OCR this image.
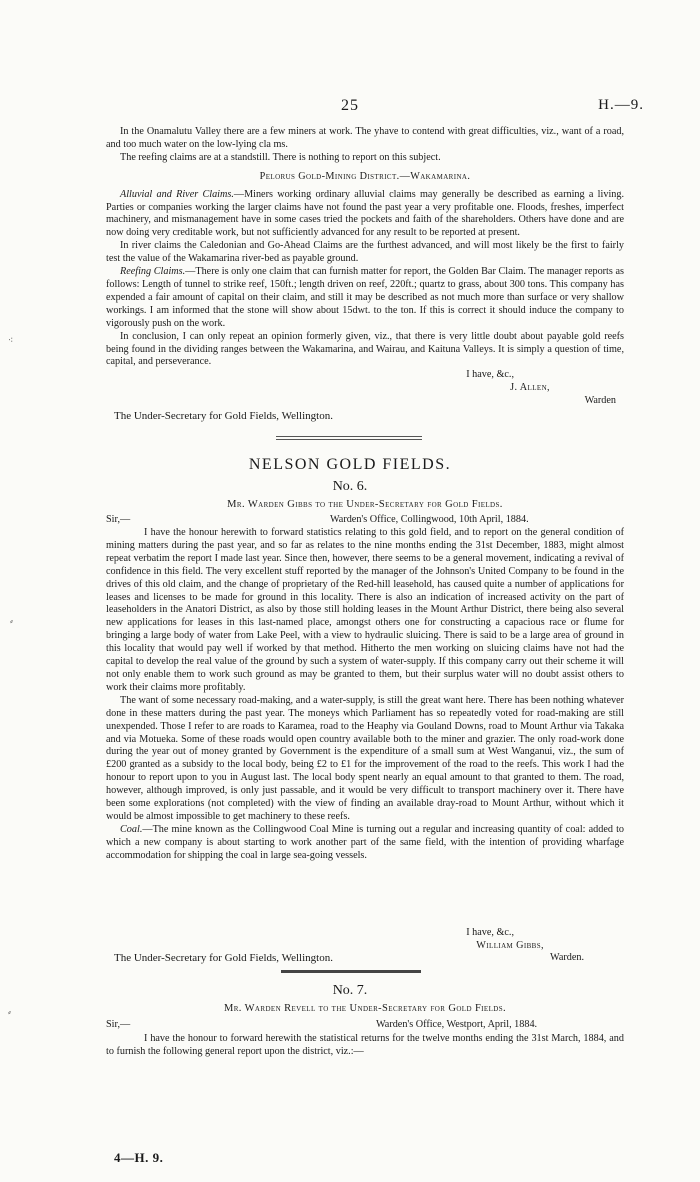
25	H.—9.

In the Onamalutu Valley there are a few miners at work. The yhave to contend with great difficulties, viz., want of a road, and too much water on the low-lying cla ms.

The reefing claims are at a standstill. There is nothing to report on this subject.

Pelorus Gold-Mining District.—Wakamarina.

Alluvial and River Claims.—Miners working ordinary alluvial claims may generally be described as earning a living. Parties or companies working the larger claims have not found the past year a very profitable one. Floods, freshes, imperfect machinery, and mismanagement have in some cases tried the pockets and faith of the shareholders. Others have done and are now doing very creditable work, but not sufficiently advanced for any result to be reported at present.

In river claims the Caledonian and Go-Ahead Claims are the furthest advanced, and will most likely be the first to fairly test the value of the Wakamarina river-bed as payable ground.

Reefing Claims.—There is only one claim that can furnish matter for report, the Golden Bar Claim. The manager reports as follows: Length of tunnel to strike reef, 150ft.; length driven on reef, 220ft.; quartz to grass, about 300 tons. This company has expended a fair amount of capital on their claim, and still it may be described as not much more than surface or very shallow workings. I am informed that the stone will show about 15dwt. to the ton. If this is correct it should induce the company to vigorously push on the work.

In conclusion, I can only repeat an opinion formerly given, viz., that there is very little doubt about payable gold reefs being found in the dividing ranges between the Wakamarina, and Wairau, and Kaituna Valleys. It is simply a question of time, capital, and perseverance.

I have, &c.,

J. Allen,

Warden

The Under-Secretary for Gold Fields, Wellington.
NELSON GOLD FIELDS.
No. 6.
Mr. Warden Gibbs to the Under-Secretary for Gold Fields.
Sir,—	Warden's Office, Collingwood, 10th April, 1884.

I have the honour herewith to forward statistics relating to this gold field, and to report on the general condition of mining matters during the past year, and so far as relates to the nine months ending the 31st December, 1883, might almost repeat verbatim the report I made last year. Since then, however, there seems to be a general movement, indicating a revival of confidence in this field. The very excellent stuff reported by the manager of the Johnson's United Company to be found in the drives of this old claim, and the change of proprietary of the Red-hill leasehold, has caused quite a number of applications for leases and licenses to be made for ground in this locality. There is also an indication of increased activity on the part of leaseholders in the Anatori District, as also by those still holding leases in the Mount Arthur District, there being also several new applications for leases in this last-named place, amongst others one for constructing a capacious race or flume for bringing a large body of water from Lake Peel, with a view to hydraulic sluicing. There is said to be a large area of ground in this locality that would pay well if worked by that method. Hitherto the men working on sluicing claims have not had the capital to develop the real value of the ground by such a system of water-supply. If this company carry out their scheme it will not only enable them to work such ground as may be granted to them, but their surplus water will no doubt assist others to work their claims more profitably.

The want of some necessary road-making, and a water-supply, is still the great want here. There has been nothing whatever done in these matters during the past year. The moneys which Parliament has so repeatedly voted for road-making are still unexpended. Those I refer to are roads to Karamea, road to the Heaphy via Gouland Downs, road to Mount Arthur via Takaka and via Motueka. Some of these roads would open country available both to the miner and grazier. The only road-work done during the year out of money granted by Government is the expenditure of a small sum at West Wanganui, viz., the sum of £200 granted as a subsidy to the local body, being £2 to £1 for the improvement of the road to the reefs. This work I had the honour to report upon to you in August last. The local body spent nearly an equal amount to that granted to them. The road, however, although improved, is only just passable, and it would be very difficult to transport machinery over it. There have been some explorations (not completed) with the view of finding an available dray-road to Mount Arthur, without which it would be almost impossible to get machinery to these reefs.

Coal.—The mine known as the Collingwood Coal Mine is turning out a regular and increasing quantity of coal: added to which a new company is about starting to work another part of the same field, with the intention of providing wharfage accommodation for shipping the coal in large sea-going vessels.

I have, &c.,
William Gibbs,
The Under-Secretary for Gold Fields, Wellington.	Warden.
No. 7.
Mr. Warden Revell to the Under-Secretary for Gold Fields.
Sir,—	Warden's Office, Westport, April, 1884.

I have the honour to forward herewith the statistical returns for the twelve months ending the 31st March, 1884, and to furnish the following general report upon the district, viz.:—

4—H. 9.
⁖
⸗
⸗
